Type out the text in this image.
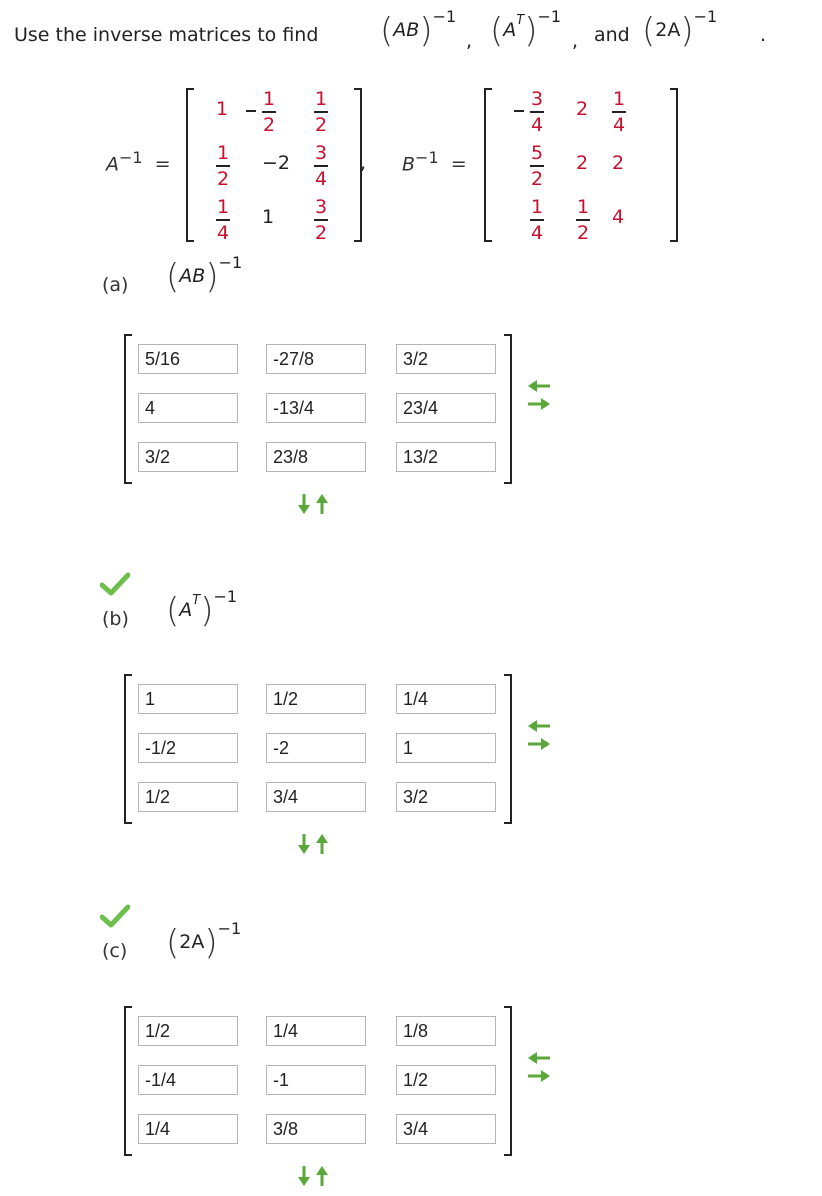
Use the inverse matrices to find (AB)$^{-1}$
, $(A^T)^{-1}$
, and $(2A)^{-1}$
.
$A^{-1}$ =
1 1
2
1
2
1
2
−2 3
4
1
4
1 3
2
, $B^{-1}$ =
3
4
2 1
4
5
2
2 2
1
4
1
2
4
(a) (AB)$^{-1}$
5/16
-27/8
3/2
4
-13/4
23/4
3/2
23/8
13/2
(b) $(A^T)^{-1}$
1
1/2
1/4
-1/2
-2
1
1/2
3/4
3/2
(c) $(2A)^{-1}$
1/2
1/4
1/8
-1/4
-1
1/2
1/4
3/8
3/4
